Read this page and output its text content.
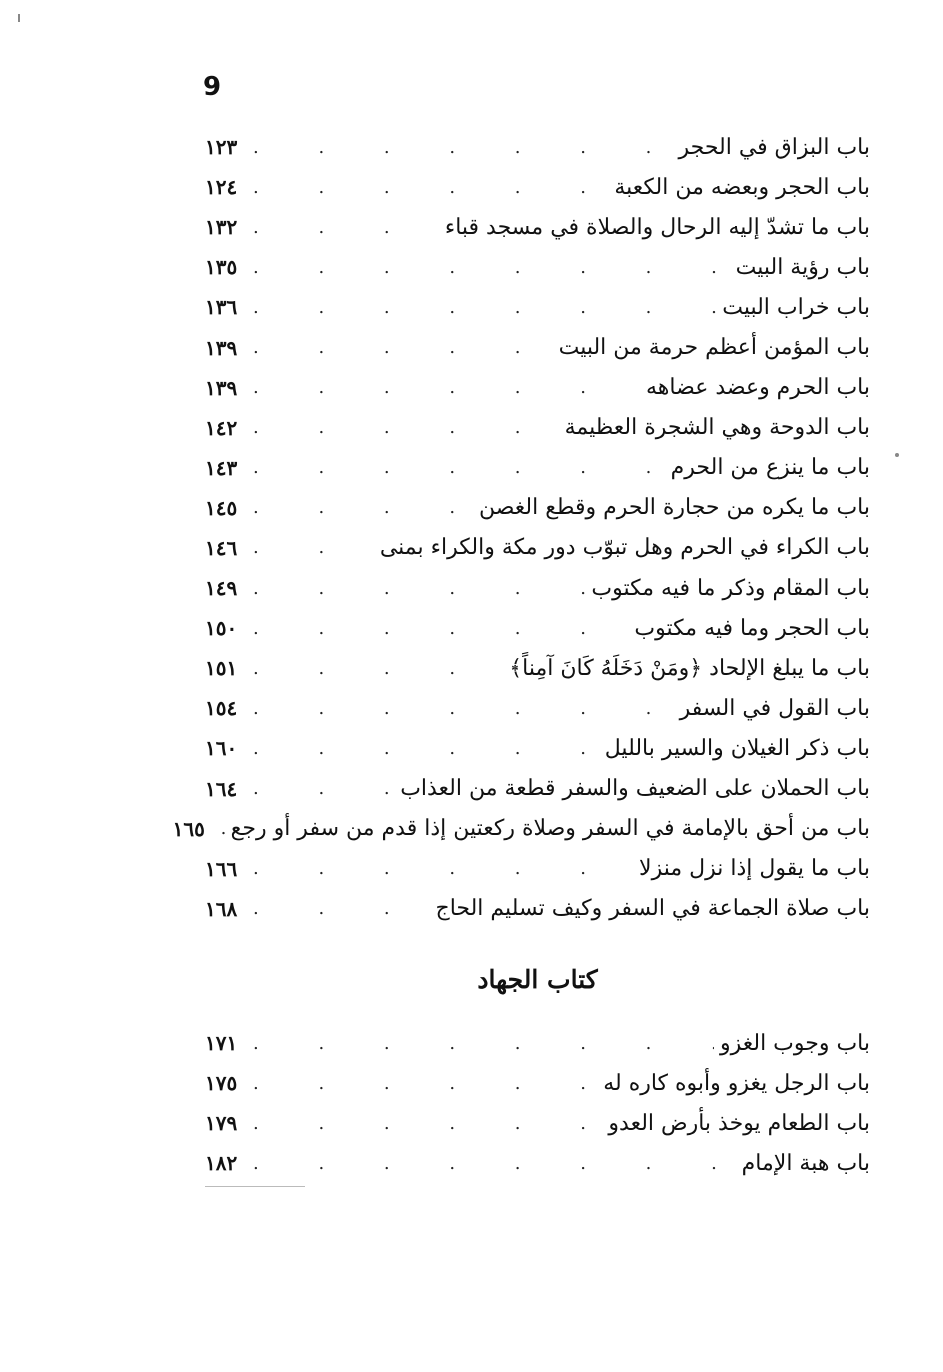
9
باب البزاق في الحجر
. . .
١٢٣
باب الحجر وبعضه من الكعبة
. . .
١٢٤
باب ما تشدّ إليه الرحال والصلاة في مسجد قباء
. . .
١٣٢
باب رؤية البيت
. . .
١٣٥
باب خراب البيت
. . .
١٣٦
باب المؤمن أعظم حرمة من البيت
. . .
١٣٩
باب الحرم وعضد عضاهه
. . .
١٣٩
باب الدوحة وهي الشجرة العظيمة
. . .
١٤٢
باب ما ينزع من الحرم
. . .
١٤٣
باب ما يكره من حجارة الحرم وقطع الغصن
. . .
١٤٥
باب الكراء في الحرم وهل تبوّب دور مكة والكراء بمنى
. . .
١٤٦
باب المقام وذكر ما فيه مكتوب
. . .
١٤٩
باب الحجر وما فيه مكتوب
. . .
١٥٠
باب ما يبلغ الإلحاد ﴿ومَنْ دَخَلَهُ كَانَ آمِناً﴾
. . .
١٥١
باب القول في السفر
. . .
١٥٤
باب ذكر الغيلان والسير بالليل
. . .
١٦٠
باب الحملان على الضعيف والسفر قطعة من العذاب
. . .
١٦٤
باب من أحق بالإمامة في السفر وصلاة ركعتين إذا قدم من سفر أو رجع
. . .
١٦٥
باب ما يقول إذا نزل منزلا
. . .
١٦٦
باب صلاة الجماعة في السفر وكيف تسليم الحاج
. . .
١٦٨
كتاب الجهاد
باب وجوب الغزو
. . .
١٧١
باب الرجل يغزو وأبوه كاره له
. . .
١٧٥
باب الطعام يوخذ بأرض العدو
. . .
١٧٩
باب هبة الإمام
. . .
١٨٢
